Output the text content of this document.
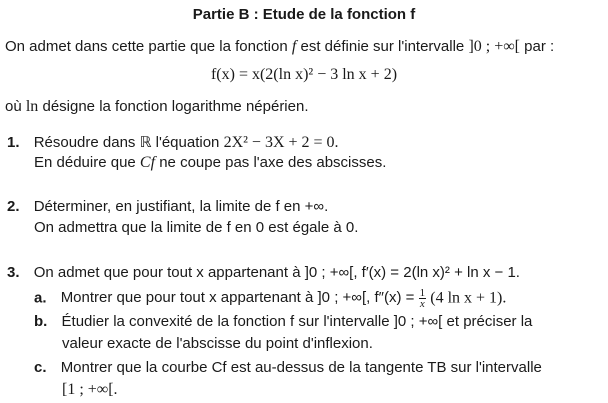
Partie B : Etude de la fonction f
On admet dans cette partie que la fonction f est définie sur l'intervalle ]0 ; +∞[ par :
f(x) = x(2(ln x)² − 3 ln x + 2)
où ln désigne la fonction logarithme népérien.
1. Résoudre dans ℝ l'équation 2X² − 3X + 2 = 0.
En déduire que Cf ne coupe pas l'axe des abscisses.
2. Déterminer, en justifiant, la limite de f en +∞.
On admettra que la limite de f en 0 est égale à 0.
3. On admet que pour tout x appartenant à ]0 ; +∞[, f′(x) = 2(ln x)² + ln x − 1.
a. Montrer que pour tout x appartenant à ]0 ; +∞[, $f''(x) = \frac{1}{x} (4$ ln x + 1).
b. Étudier la convexité de la fonction f sur l'intervalle ]0 ; +∞[ et préciser la
valeur exacte de l'abscisse du point d'inflexion.
c. Montrer que la courbe Cf est au-dessus de la tangente TB sur l'intervalle
[1 ; +∞[.
